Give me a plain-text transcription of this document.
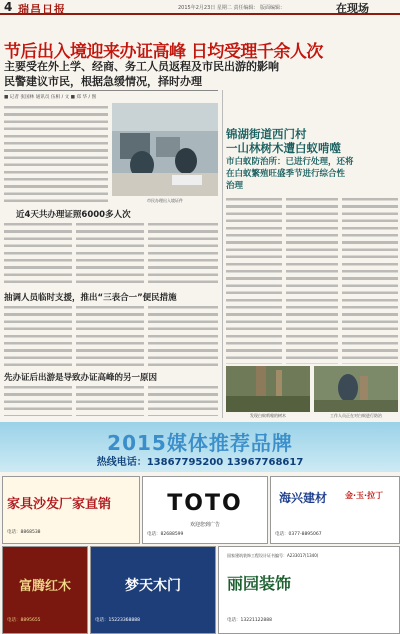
4 瑞昌日报	2015年2月23日 星期二 责任编辑： 版面编辑：	在现场
节后出入境迎来办证高峰 日均受理千余人次
主要受在外上学、经商、务工人员返程及市民出游的影响
民警建议市民，根据急缓情况，择时办理
■ 记者 张国林 通讯员 伍相 / 文 ■ 郑 华 / 图
市民办理出入境证件
近4天共办理证照6000多人次
抽调人员临时支援，推出“三表合一”便民措施
先办证后出游是导致办证高峰的另一原因
锦湖街道西门村
一山林树木遭白蚁啃噬
市白蚁防治所：已进行处理，还将
在白蚁繁殖旺盛季节进行综合性
治理
发现白蚁啃噬的树木	工作人员正在对白蚁进行防治
2015媒体推荐品牌
热线电话：13867795200 13967768617
家具沙发厂家直销
电话：8868538
TOTO
欢迎您到广告
电话：82688599
海兴建材 金·玉·拉丁
电话：0377-8895067
富腾红木
电话：8895655
梦天木门
电话：15223368888
丽园装饰
国家建筑装饰工程设计证书编号：A233017(1340)
电话：13221122888
